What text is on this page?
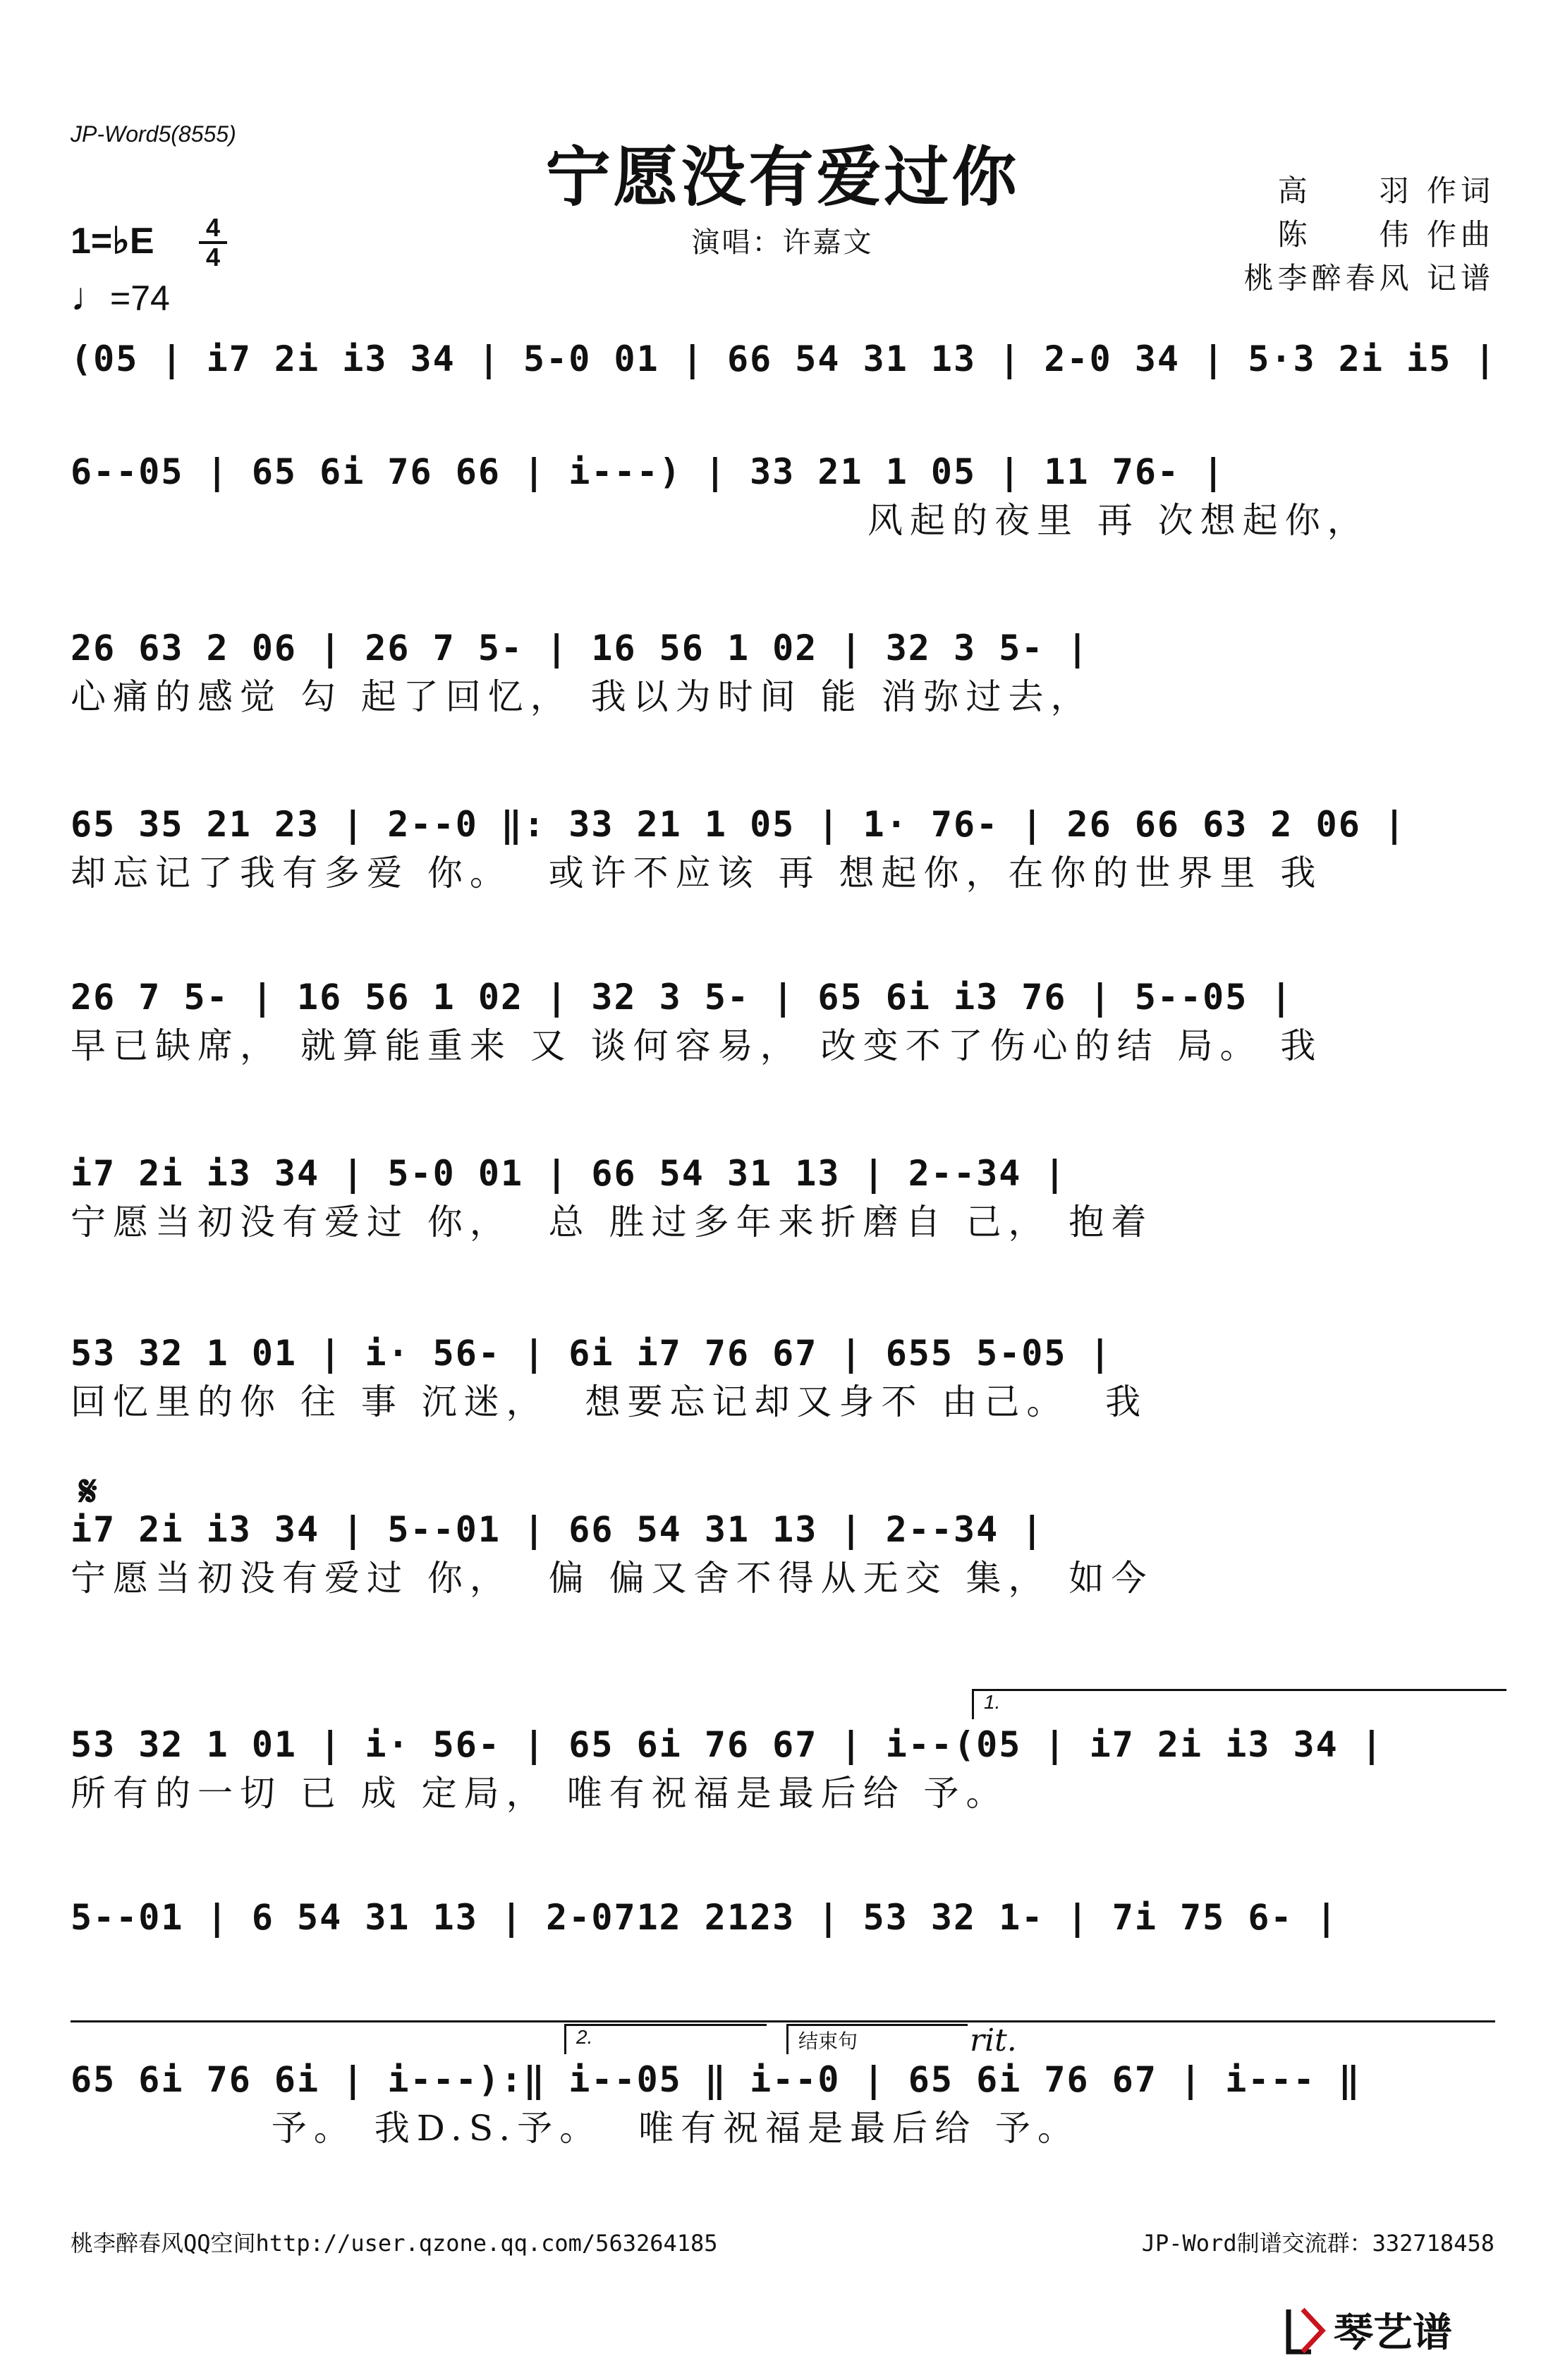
JP-Word5(8555)
宁愿没有爱过你
演唱：许嘉文
高　　羽 作词
陈　　伟 作曲
桃李醉春风 记谱
1=♭E 4
4
♩=74
(05 | i7 2i i3 34 | 5-0 01 | 66 54 31 13 | 2-0 34 | 5·3 2i i5 |
6--05 | 65 6i 76 66 | i---) | 33 21 1 05 | 11 76- |
风起的夜里 再 次想起你，
26 63 2 06 | 26 7 5- | 16 56 1 02 | 32 3 5- |
心痛的感觉 勾 起了回忆， 我以为时间 能 消弥过去，
65 35 21 23 | 2--0 ‖: 33 21 1 05 | 1· 76- | 26 66 63 2 06 |
却忘记了我有多爱 你。  或许不应该 再 想起你，在你的世界里 我
26 7 5- | 16 56 1 02 | 32 3 5- | 65 6i i3 76 | 5--05 |
早已缺席， 就算能重来 又 谈何容易， 改变不了伤心的结 局。 我
i7 2i i3 34 | 5-0 01 | 66 54 31 13 | 2--34 |
宁愿当初没有爱过 你，  总 胜过多年来折磨自 己， 抱着
53 32 1 01 | i· 56- | 6i i7 76 67 | 655 5-05 |
回忆里的你 往 事 沉迷，  想要忘记却又身不 由己。  我
𝄋
i7 2i i3 34 | 5--01 | 66 54 31 13 | 2--34 |
宁愿当初没有爱过 你，  偏 偏又舍不得从无交 集， 如今
1.
53 32 1 01 | i· 56- | 65 6i 76 67 | i--(05 | i7 2i i3 34 |
所有的一切 已 成 定局， 唯有祝福是最后给 予。
5--01 | 6 54 31 13 | 2-0712 2123 | 53 32 1- | 7i 75 6- |
2.	结束句	rit.
65 6i 76 6i | i---):‖ i--05 ‖ i--0 | 65 6i 76 67 | i--- ‖
予。 我D.S.予。  唯有祝福是最后给 予。
桃李醉春风QQ空间http://user.qzone.qq.com/563264185	JP-Word制谱交流群：332718458
琴艺谱
